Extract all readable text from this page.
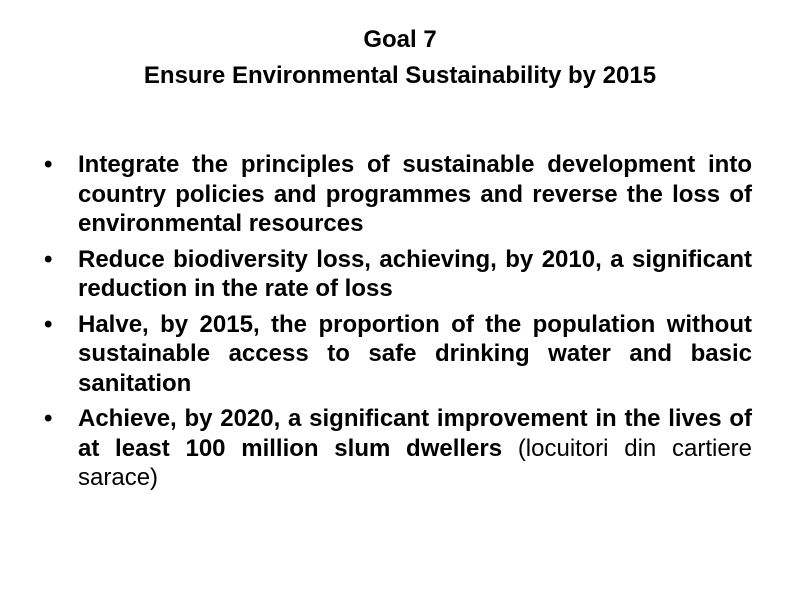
Goal 7
Ensure Environmental Sustainability by 2015
• Integrate the principles of sustainable development into country policies and programmes and reverse the loss of environmental resources
• Reduce biodiversity loss, achieving, by 2010, a significant reduction in the rate of loss
• Halve, by 2015, the proportion of the population without sustainable access to safe drinking water and basic sanitation
• Achieve, by 2020, a significant improvement in the lives of at least 100 million slum dwellers (locuitori din cartiere sarace)
